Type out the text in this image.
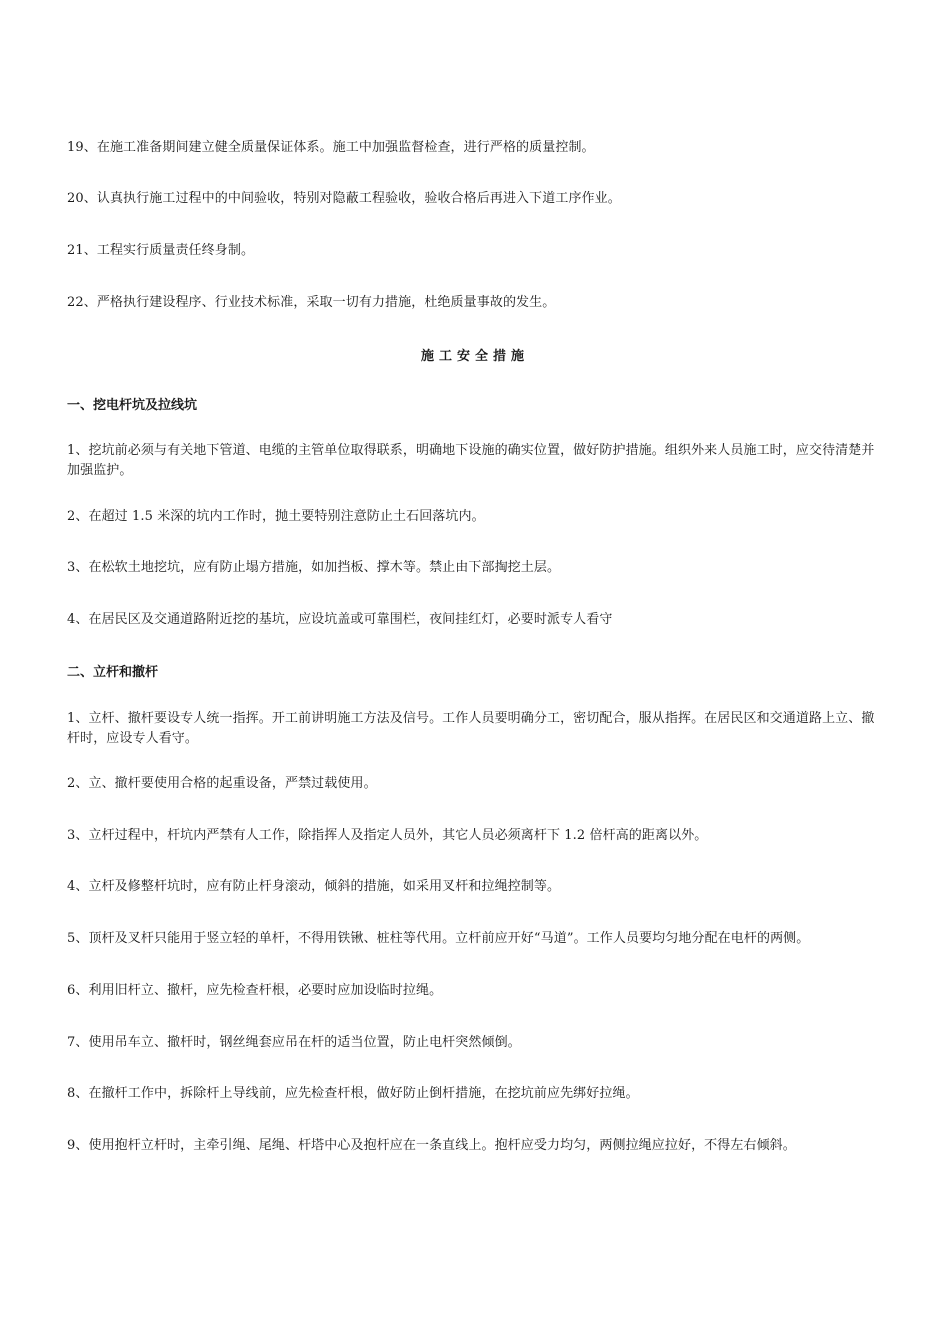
19、在施工准备期间建立健全质量保证体系。施工中加强监督检查，进行严格的质量控制。

20、认真执行施工过程中的中间验收，特别对隐蔽工程验收，验收合格后再进入下道工序作业。

21、工程实行质量责任终身制。

22、严格执行建设程序、行业技术标准，采取一切有力措施，杜绝质量事故的发生。

施工安全措施

一、挖电杆坑及拉线坑

1、挖坑前必须与有关地下管道、电缆的主管单位取得联系，明确地下设施的确实位置，做好防护措施。组织外来人员施工时，应交待清楚并加强监护。

2、在超过 1.5 米深的坑内工作时，抛土要特别注意防止土石回落坑内。

3、在松软土地挖坑，应有防止塌方措施，如加挡板、撑木等。禁止由下部掏挖土层。

4、在居民区及交通道路附近挖的基坑，应设坑盖或可靠围栏，夜间挂红灯，必要时派专人看守

二、立杆和撤杆

1、立杆、撤杆要设专人统一指挥。开工前讲明施工方法及信号。工作人员要明确分工，密切配合，服从指挥。在居民区和交通道路上立、撤杆时，应设专人看守。

2、立、撤杆要使用合格的起重设备，严禁过载使用。

3、立杆过程中，杆坑内严禁有人工作，除指挥人及指定人员外，其它人员必须离杆下 1.2 倍杆高的距离以外。

4、立杆及修整杆坑时，应有防止杆身滚动，倾斜的措施，如采用叉杆和拉绳控制等。

5、顶杆及叉杆只能用于竖立轻的单杆，不得用铁锹、桩柱等代用。立杆前应开好“马道”。工作人员要均匀地分配在电杆的两侧。

6、利用旧杆立、撤杆，应先检查杆根，必要时应加设临时拉绳。

7、使用吊车立、撤杆时，钢丝绳套应吊在杆的适当位置，防止电杆突然倾倒。

8、在撤杆工作中，拆除杆上导线前，应先检查杆根，做好防止倒杆措施，在挖坑前应先绑好拉绳。

9、使用抱杆立杆时，主牵引绳、尾绳、杆塔中心及抱杆应在一条直线上。抱杆应受力均匀，两侧拉绳应拉好，不得左右倾斜。
